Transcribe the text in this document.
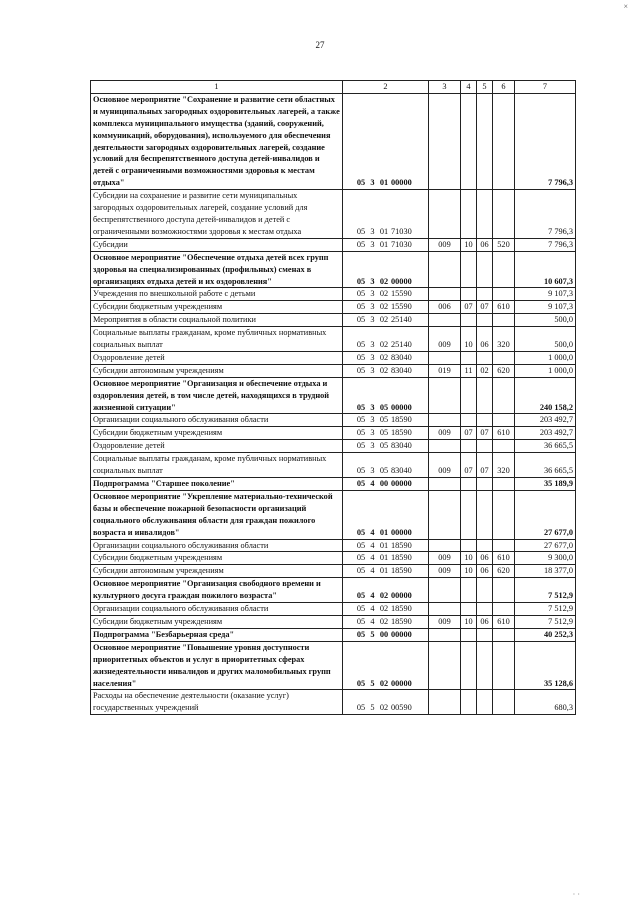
27
×
· ·
1	2	3	4	5	6	7
Основное мероприятие "Сохранение и развитие сети областных и муниципальных загородных оздоровительных лагерей, а также комплекса муниципального имущества (зданий, сооружений, коммуникаций, оборудования), используемого для обеспечения деятельности загородных оздоровительных лагерей, создание условий для беспрепятственного доступа детей-инвалидов и детей с ограниченными возможностями здоровья к местам отдыха"	05 3 01 00000					7 796,3
Субсидии на сохранение и развитие сети муниципальных загородных оздоровительных лагерей, создание условий для беспрепятственного доступа детей-инвалидов и детей с ограниченными возможностями здоровья к местам отдыха	05 3 01 71030					7 796,3
Субсидии	05 3 01 71030	009	10	06	520	7 796,3
Основное мероприятие "Обеспечение отдыха детей всех групп здоровья на специализированных (профильных) сменах в организациях отдыха детей и их оздоровления"	05 3 02 00000					10 607,3
Учреждения по внешкольной работе с детьми	05 3 02 15590					9 107,3
Субсидии бюджетным учреждениям	05 3 02 15590	006	07	07	610	9 107,3
Мероприятия в области социальной политики	05 3 02 25140					500,0
Социальные выплаты гражданам, кроме публичных нормативных социальных выплат	05 3 02 25140	009	10	06	320	500,0
Оздоровление детей	05 3 02 83040					1 000,0
Субсидии автономным учреждениям	05 3 02 83040	019	11	02	620	1 000,0
Основное мероприятие "Организация и обеспечение отдыха и оздоровления детей, в том числе детей, находящихся в трудной жизненной ситуации"	05 3 05 00000					240 158,2
Организации социального обслуживания области	05 3 05 18590					203 492,7
Субсидии бюджетным учреждениям	05 3 05 18590	009	07	07	610	203 492,7
Оздоровление детей	05 3 05 83040					36 665,5
Социальные выплаты гражданам, кроме публичных нормативных социальных выплат	05 3 05 83040	009	07	07	320	36 665,5
Подпрограмма "Старшее поколение"	05 4 00 00000					35 189,9
Основное мероприятие "Укрепление материально-технической базы и обеспечение пожарной безопасности организаций социального обслуживания области для граждан пожилого возраста и инвалидов"	05 4 01 00000					27 677,0
Организации социального обслуживания области	05 4 01 18590					27 677,0
Субсидии бюджетным учреждениям	05 4 01 18590	009	10	06	610	9 300,0
Субсидии автономным учреждениям	05 4 01 18590	009	10	06	620	18 377,0
Основное мероприятие "Организация свободного времени и культурного досуга граждан пожилого возраста"	05 4 02 00000					7 512,9
Организации социального обслуживания области	05 4 02 18590					7 512,9
Субсидии бюджетным учреждениям	05 4 02 18590	009	10	06	610	7 512,9
Подпрограмма "Безбарьерная среда"	05 5 00 00000					40 252,3
Основное мероприятие "Повышение уровня доступности приоритетных объектов и услуг в приоритетных сферах жизнедеятельности инвалидов и других маломобильных групп населения"	05 5 02 00000					35 128,6
Расходы на обеспечение деятельности (оказание услуг) государственных учреждений	05 5 02 00590					680,3
